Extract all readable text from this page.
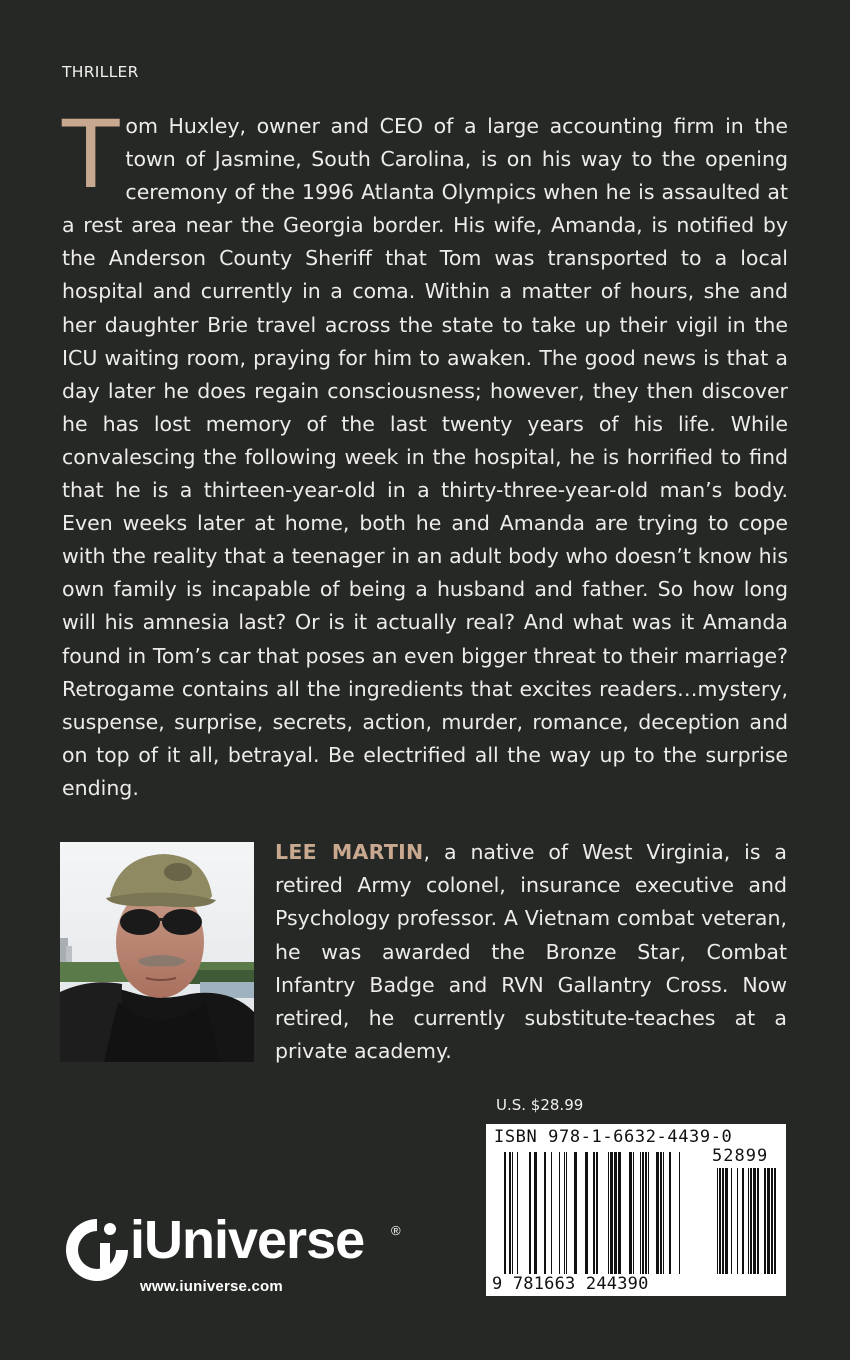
THRILLER

Tom Huxley, owner and CEO of a large accounting firm in the town of Jasmine, South Carolina, is on his way to the opening ceremony of the 1996 Atlanta Olympics when he is assaulted at a rest area near the Georgia border. His wife, Amanda, is notified by the Anderson County Sheriff that Tom was transported to a local hospital and currently in a coma. Within a matter of hours, she and her daughter Brie travel across the state to take up their vigil in the ICU waiting room, praying for him to awaken. The good news is that a day later he does regain consciousness; however, they then discover he has lost memory of the last twenty years of his life. While convalescing the following week in the hospital, he is horrified to find that he is a thirteen-year-old in a thirty-three-year-old man’s body. Even weeks later at home, both he and Amanda are trying to cope with the reality that a teenager in an adult body who doesn’t know his own family is incapable of being a husband and father. So how long will his amnesia last? Or is it actually real? And what was it Amanda found in Tom’s car that poses an even bigger threat to their marriage? Retrogame contains all the ingredients that excites readers…mystery, suspense, surprise, secrets, action, murder, romance, deception and on top of it all, betrayal. Be electrified all the way up to the surprise ending.

LEE MARTIN, a native of West Virginia, is a retired Army colonel, insurance executive and Psychology professor. A Vietnam combat veteran, he was awarded the Bronze Star, Combat Infantry Badge and RVN Gallantry Cross. Now retired, he currently substitute-teaches at a private academy.

U.S. $28.99
ISBN 978-1-6632-4439-0
52899
9 781663 244390
iUniverse ®
www.iuniverse.com
